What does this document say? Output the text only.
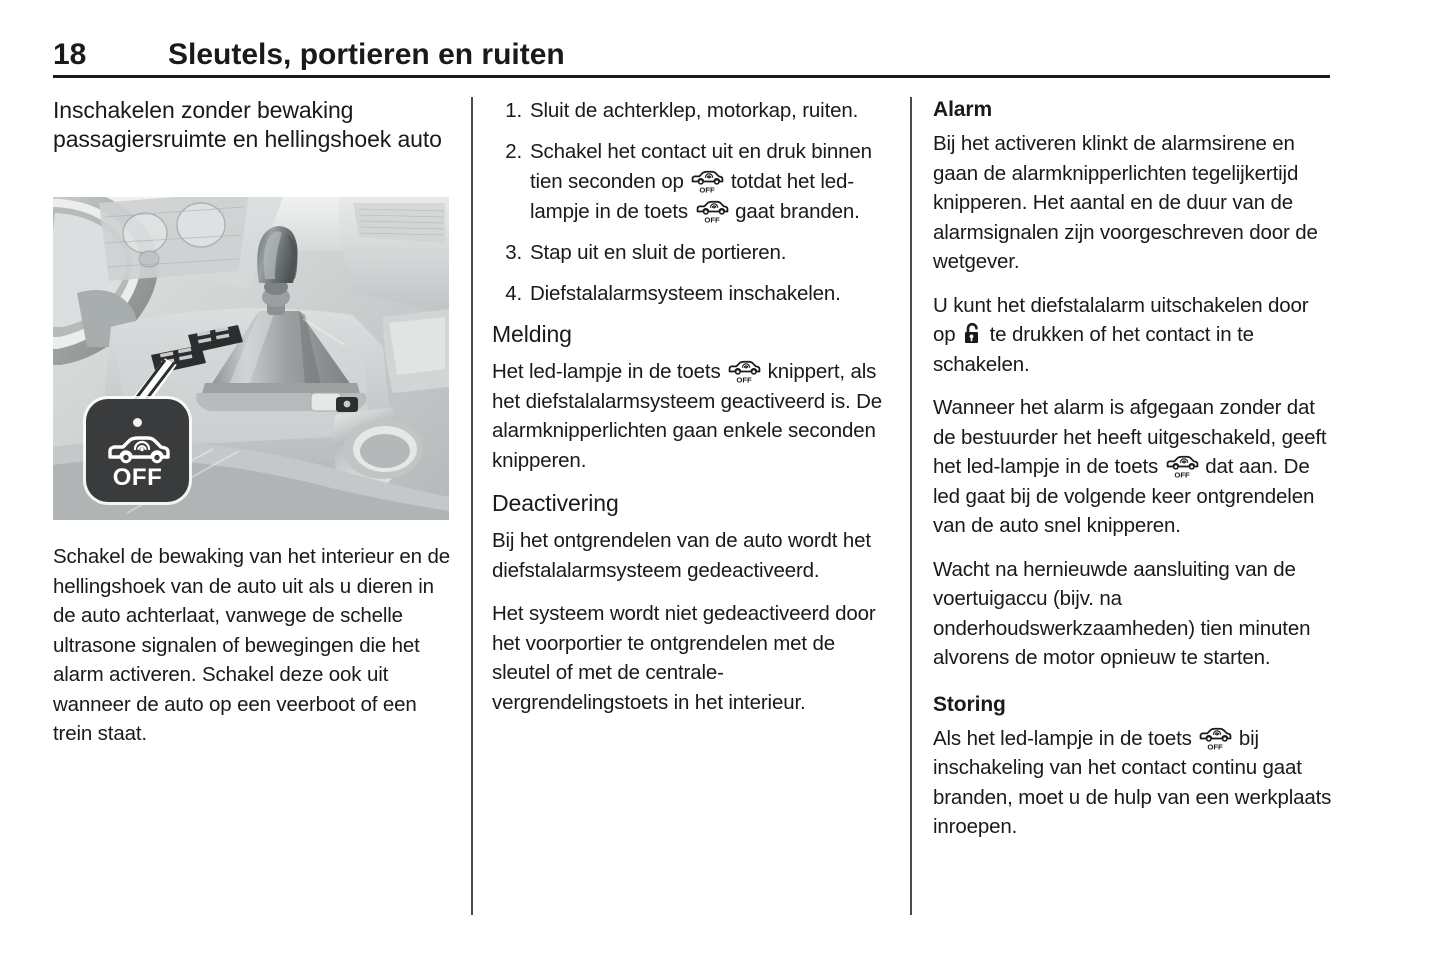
18	Sleutels, portieren en ruiten
Inschakelen zonder bewaking passagiersruimte en hellingshoek auto
OFF

Schakel de bewaking van het interieur en de hellingshoek van de auto uit als u dieren in de auto achterlaat, vanwege de schelle ultrasone signalen of bewegingen die het alarm activeren. Schakel deze ook uit wanneer de auto op een veerboot of een trein staat.

1. Sluit de achterklep, motorkap, ruiten.
2. Schakel het contact uit en druk binnen tien seconden op OFF totdat het led-lampje in de toets OFF gaat branden.
3. Stap uit en sluit de portieren.
4. Diefstalalarmsysteem inschakelen.
Melding

Het led-lampje in de toets OFF knippert, als het diefstalalarmsysteem geactiveerd is. De alarmknipperlichten gaan enkele seconden knipperen.

Deactivering

Bij het ontgrendelen van de auto wordt het diefstalalarmsysteem gedeactiveerd.

Het systeem wordt niet gedeactiveerd door het voorportier te ontgrendelen met de sleutel of met de centrale-vergrendelingstoets in het interieur.

Alarm

Bij het activeren klinkt de alarmsirene en gaan de alarmknipperlichten tegelijkertijd knipperen. Het aantal en de duur van de alarmsignalen zijn voorgeschreven door de wetgever.

U kunt het diefstalalarm uitschakelen door op
te drukken of het contact in te schakelen.

Wanneer het alarm is afgegaan zonder dat de bestuurder het heeft uitgeschakeld, geeft het led-lampje in de toets OFF dat aan. De led gaat bij de volgende keer ontgrendelen van de auto snel knipperen.

Wacht na hernieuwde aansluiting van de voertuigaccu (bijv. na onderhoudswerkzaamheden) tien minuten alvorens de motor opnieuw te starten.

Storing

Als het led-lampje in de toets OFF bij inschakeling van het contact continu gaat branden, moet u de hulp van een werkplaats inroepen.
